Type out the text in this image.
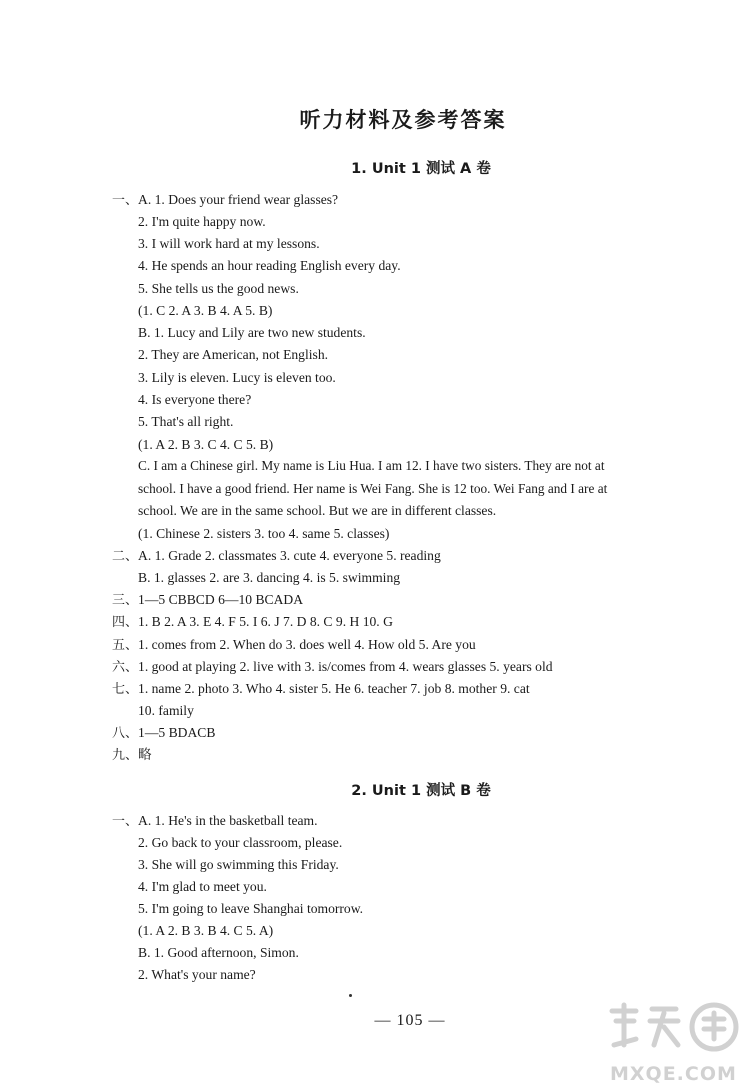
听力材料及参考答案
1. Unit 1 测试 A 卷
一、A. 1. Does your friend wear glasses?
2. I'm quite happy now.
3. I will work hard at my lessons.
4. He spends an hour reading English every day.
5. She tells us the good news.
(1. C 2. A 3. B 4. A 5. B)
B. 1. Lucy and Lily are two new students.
2. They are American, not English.
3. Lily is eleven. Lucy is eleven too.
4. Is everyone there?
5. That's all right.
(1. A 2. B 3. C 4. C 5. B)
C. I am a Chinese girl. My name is Liu Hua. I am 12. I have two sisters. They are not at
school. I have a good friend. Her name is Wei Fang. She is 12 too. Wei Fang and I are at
school. We are in the same school. But we are in different classes.
(1. Chinese 2. sisters 3. too 4. same 5. classes)
二、A. 1. Grade 2. classmates 3. cute 4. everyone 5. reading
B. 1. glasses 2. are 3. dancing 4. is 5. swimming
三、1—5 CBBCD 6—10 BCADA
四、1. B 2. A 3. E 4. F 5. I 6. J 7. D 8. C 9. H 10. G
五、1. comes from 2. When do 3. does well 4. How old 5. Are you
六、1. good at playing 2. live with 3. is/comes from 4. wears glasses 5. years old
七、1. name 2. photo 3. Who 4. sister 5. He 6. teacher 7. job 8. mother 9. cat
10. family
八、1—5 BDACB
九、略
2. Unit 1 测试 B 卷
一、A. 1. He's in the basketball team.
2. Go back to your classroom, please.
3. She will go swimming this Friday.
4. I'm glad to meet you.
5. I'm going to leave Shanghai tomorrow.
(1. A 2. B 3. B 4. C 5. A)
B. 1. Good afternoon, Simon.
2. What's your name?
— 105 —
MXQE.COM
